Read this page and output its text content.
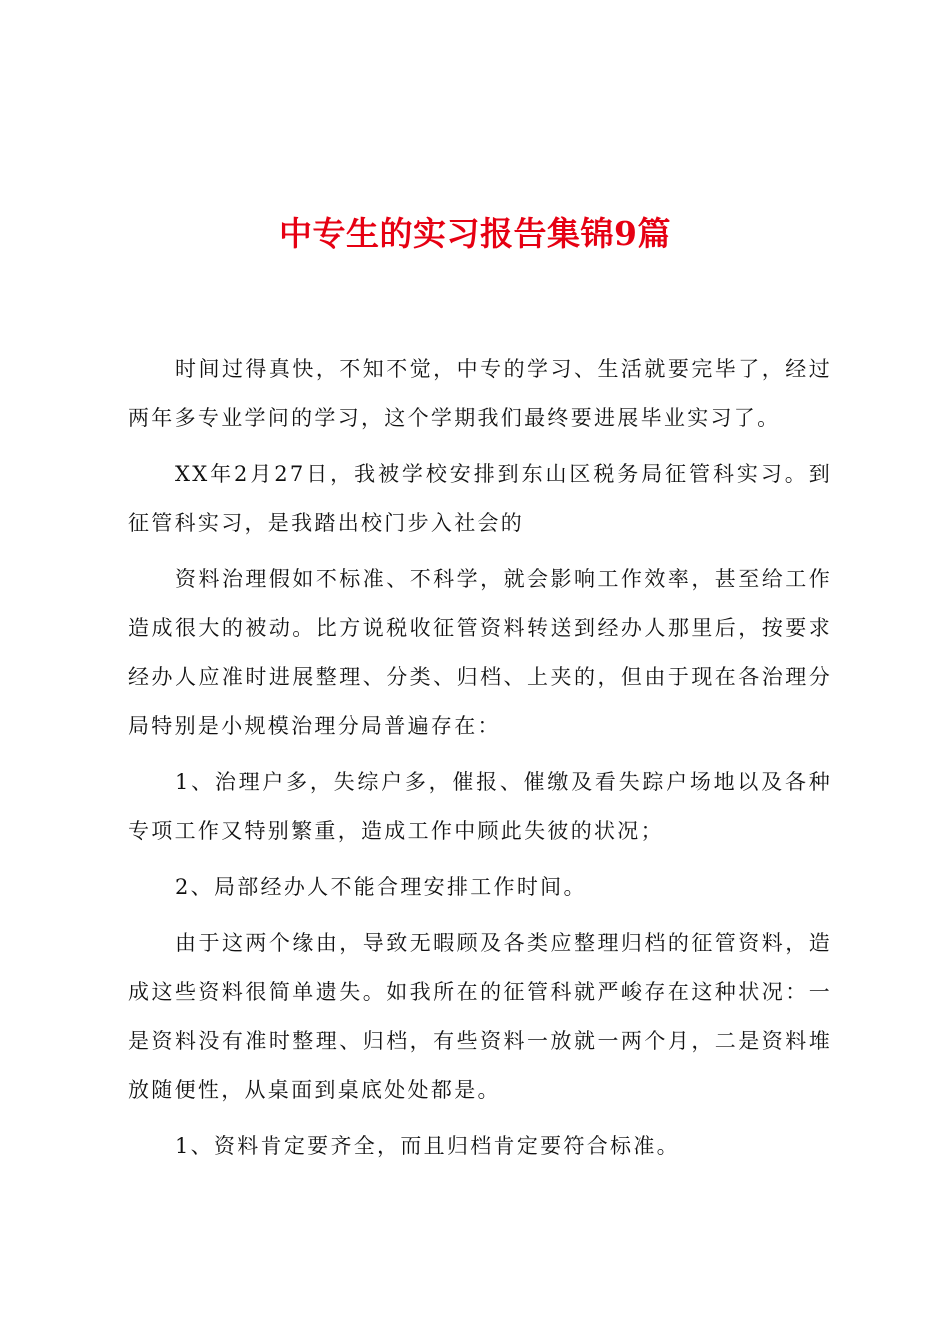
中专生的实习报告集锦9篇

时间过得真快，不知不觉，中专的学习、生活就要完毕了，经过两年多专业学问的学习，这个学期我们最终要进展毕业实习了。

XX年2月27日，我被学校安排到东山区税务局征管科实习。到征管科实习，是我踏出校门步入社会的

资料治理假如不标准、不科学，就会影响工作效率，甚至给工作造成很大的被动。比方说税收征管资料转送到经办人那里后，按要求经办人应准时进展整理、分类、归档、上夹的，但由于现在各治理分局特别是小规模治理分局普遍存在：

1、治理户多，失综户多，催报、催缴及看失踪户场地以及各种专项工作又特别繁重，造成工作中顾此失彼的状况；

2、局部经办人不能合理安排工作时间。

由于这两个缘由，导致无暇顾及各类应整理归档的征管资料，造成这些资料很简单遗失。如我所在的征管科就严峻存在这种状况：一是资料没有准时整理、归档，有些资料一放就一两个月，二是资料堆放随便性，从桌面到桌底处处都是。

1、资料肯定要齐全，而且归档肯定要符合标准。
